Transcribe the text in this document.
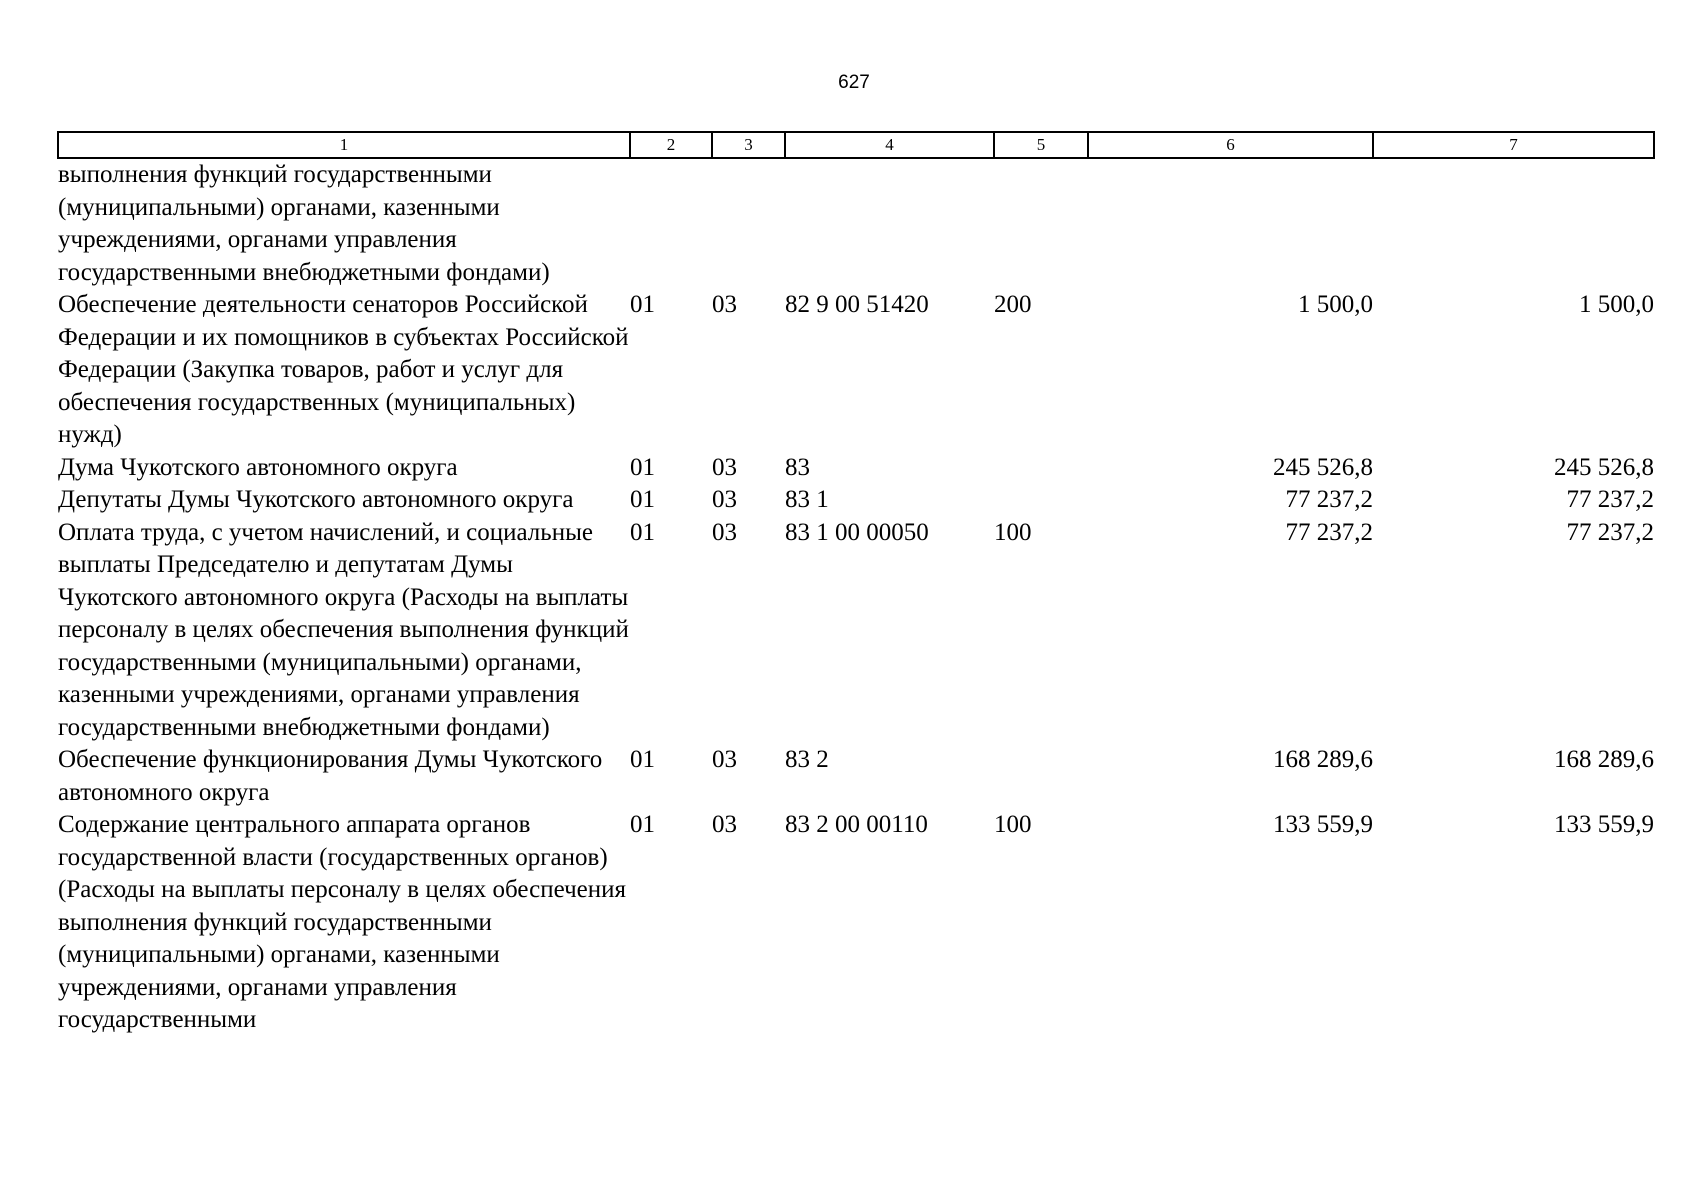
627
1	2	3	4	5	6	7
выполнения функций государственными (муниципальными) органами, казенными учреждениями, органами управления государственными внебюджетными фондами)						
Обеспечение деятельности сенаторов Российской Федерации и их помощников в субъектах Российской Федерации (Закупка товаров, работ и услуг для обеспечения государственных (муниципальных) нужд)	01	03	82 9 00 51420	200	1 500,0	1 500,0
Дума Чукотского автономного округа	01	03	83		245 526,8	245 526,8
Депутаты Думы Чукотского автономного округа	01	03	83 1		77 237,2	77 237,2
Оплата труда, с учетом начислений, и социальные выплаты Председателю и депутатам Думы Чукотского автономного округа (Расходы на выплаты персоналу в целях обеспечения выполнения функций государственными (муниципальными) органами, казенными учреждениями, органами управления государственными внебюджетными фондами)	01	03	83 1 00 00050	100	77 237,2	77 237,2
Обеспечение функционирования Думы Чукотского автономного округа	01	03	83 2		168 289,6	168 289,6
Содержание центрального аппарата органов государственной власти (государственных органов) (Расходы на выплаты персоналу в целях обеспечения выполнения функций государственными (муниципальными) органами, казенными учреждениями, органами управления государственными	01	03	83 2 00 00110	100	133 559,9	133 559,9
